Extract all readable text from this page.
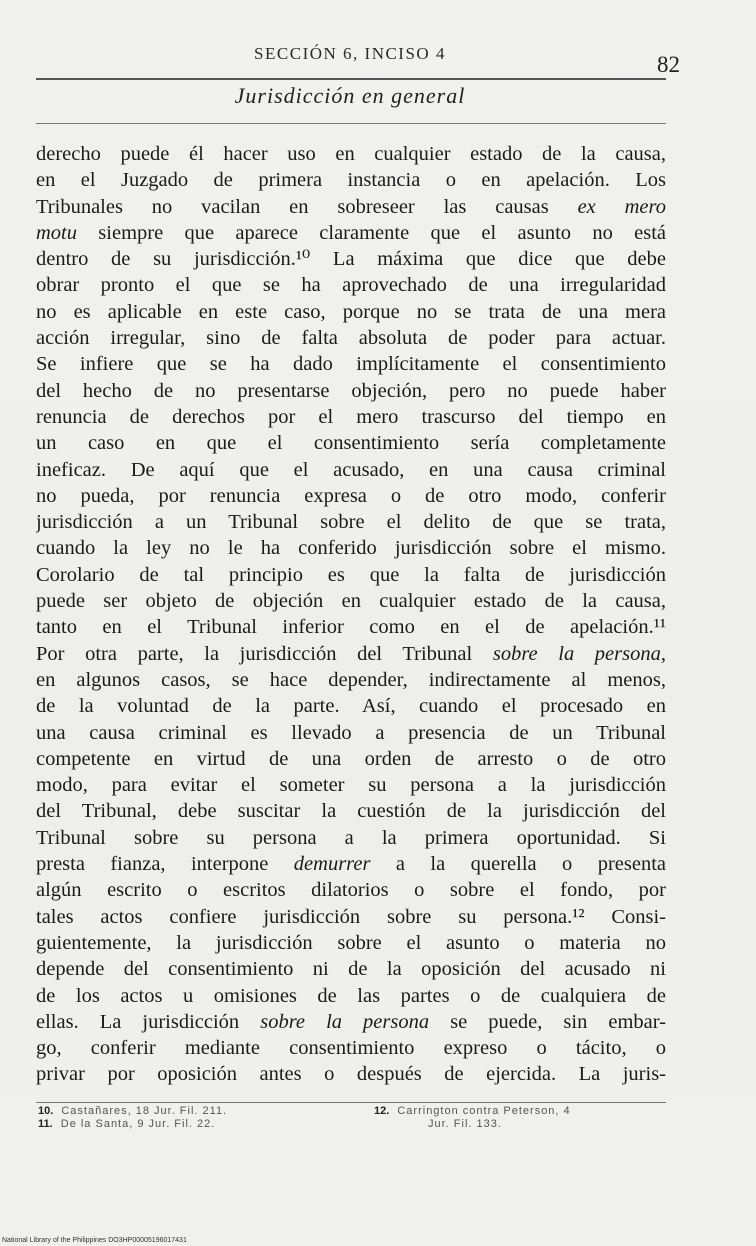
SECCIÓN 6, INCISO 4	82
Jurisdicción en general
derecho puede él hacer uso en cualquier estado de la causa,
en el Juzgado de primera instancia o en apelación. Los
Tribunales no vacilan en sobreseer las causas ex mero
motu siempre que aparece claramente que el asunto no está
dentro de su jurisdicción.¹⁰ La máxima que dice que debe
obrar pronto el que se ha aprovechado de una irregularidad
no es aplicable en este caso, porque no se trata de una mera
acción irregular, sino de falta absoluta de poder para actuar.
Se infiere que se ha dado implícitamente el consentimiento
del hecho de no presentarse objeción, pero no puede haber
renuncia de derechos por el mero trascurso del tiempo en
un caso en que el consentimiento sería completamente
ineficaz. De aquí que el acusado, en una causa criminal
no pueda, por renuncia expresa o de otro modo, conferir
jurisdicción a un Tribunal sobre el delito de que se trata,
cuando la ley no le ha conferido jurisdicción sobre el mismo.
Corolario de tal principio es que la falta de jurisdicción
puede ser objeto de objeción en cualquier estado de la causa,
tanto en el Tribunal inferior como en el de apelación.¹¹
Por otra parte, la jurisdicción del Tribunal sobre la persona,
en algunos casos, se hace depender, indirectamente al menos,
de la voluntad de la parte. Así, cuando el procesado en
una causa criminal es llevado a presencia de un Tribunal
competente en virtud de una orden de arresto o de otro
modo, para evitar el someter su persona a la jurisdicción
del Tribunal, debe suscitar la cuestión de la jurisdicción del
Tribunal sobre su persona a la primera oportunidad. Si
presta fianza, interpone demurrer a la querella o presenta
algún escrito o escritos dilatorios o sobre el fondo, por
tales actos confiere jurisdicción sobre su persona.¹² Consi-
guientemente, la jurisdicción sobre el asunto o materia no
depende del consentimiento ni de la oposición del acusado ni
de los actos u omisiones de las partes o de cualquiera de
ellas. La jurisdicción sobre la persona se puede, sin embar-
go, conferir mediante consentimiento expreso o tácito, o
privar por oposición antes o después de ejercida. La juris-
10. Castañares, 18 Jur. Fil. 211.
11. De la Santa, 9 Jur. Fil. 22.
12. Carrington contra Peterson, 4
Jur. Fil. 133.
National Library of the Philippines DO3HP00005196017431
